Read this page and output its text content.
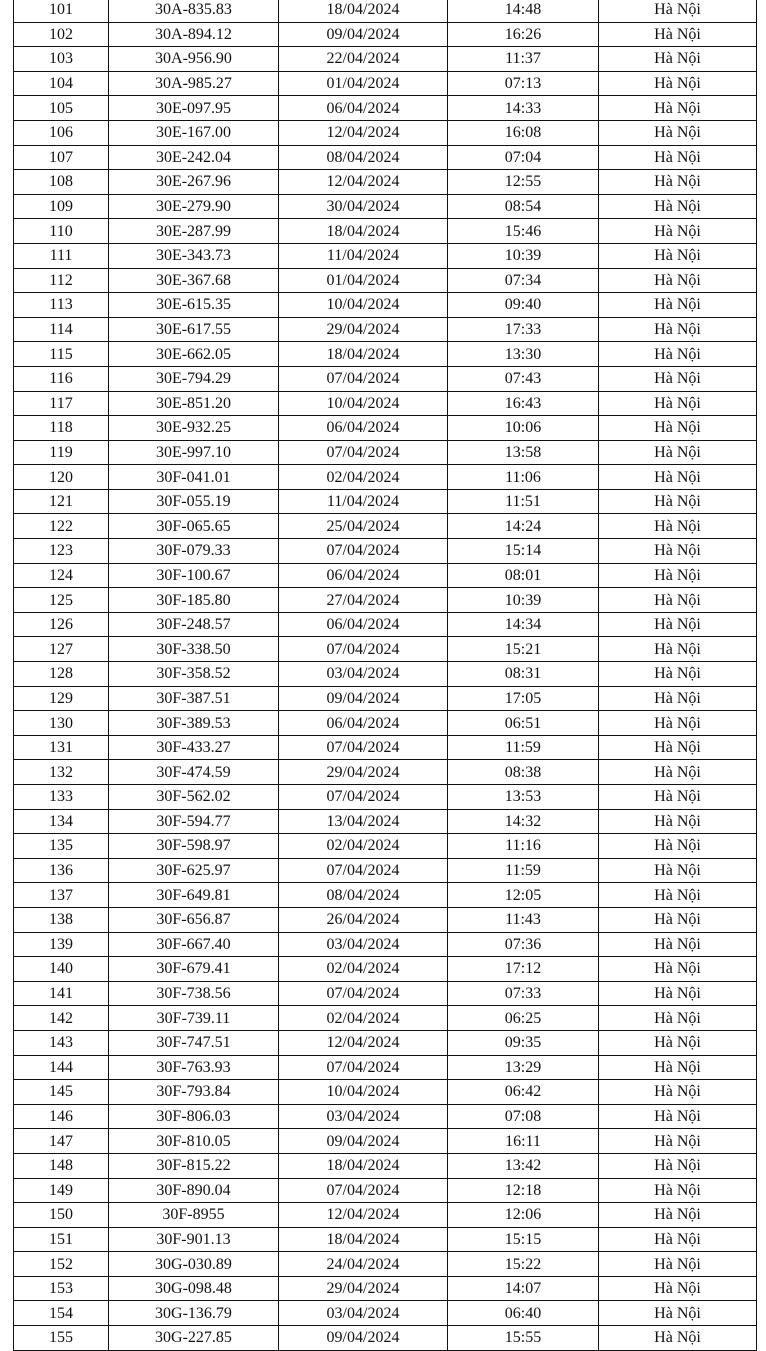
101	30A-835.83	18/04/2024	14:48	Hà Nội
102	30A-894.12	09/04/2024	16:26	Hà Nội
103	30A-956.90	22/04/2024	11:37	Hà Nội
104	30A-985.27	01/04/2024	07:13	Hà Nội
105	30E-097.95	06/04/2024	14:33	Hà Nội
106	30E-167.00	12/04/2024	16:08	Hà Nội
107	30E-242.04	08/04/2024	07:04	Hà Nội
108	30E-267.96	12/04/2024	12:55	Hà Nội
109	30E-279.90	30/04/2024	08:54	Hà Nội
110	30E-287.99	18/04/2024	15:46	Hà Nội
111	30E-343.73	11/04/2024	10:39	Hà Nội
112	30E-367.68	01/04/2024	07:34	Hà Nội
113	30E-615.35	10/04/2024	09:40	Hà Nội
114	30E-617.55	29/04/2024	17:33	Hà Nội
115	30E-662.05	18/04/2024	13:30	Hà Nội
116	30E-794.29	07/04/2024	07:43	Hà Nội
117	30E-851.20	10/04/2024	16:43	Hà Nội
118	30E-932.25	06/04/2024	10:06	Hà Nội
119	30E-997.10	07/04/2024	13:58	Hà Nội
120	30F-041.01	02/04/2024	11:06	Hà Nội
121	30F-055.19	11/04/2024	11:51	Hà Nội
122	30F-065.65	25/04/2024	14:24	Hà Nội
123	30F-079.33	07/04/2024	15:14	Hà Nội
124	30F-100.67	06/04/2024	08:01	Hà Nội
125	30F-185.80	27/04/2024	10:39	Hà Nội
126	30F-248.57	06/04/2024	14:34	Hà Nội
127	30F-338.50	07/04/2024	15:21	Hà Nội
128	30F-358.52	03/04/2024	08:31	Hà Nội
129	30F-387.51	09/04/2024	17:05	Hà Nội
130	30F-389.53	06/04/2024	06:51	Hà Nội
131	30F-433.27	07/04/2024	11:59	Hà Nội
132	30F-474.59	29/04/2024	08:38	Hà Nội
133	30F-562.02	07/04/2024	13:53	Hà Nội
134	30F-594.77	13/04/2024	14:32	Hà Nội
135	30F-598.97	02/04/2024	11:16	Hà Nội
136	30F-625.97	07/04/2024	11:59	Hà Nội
137	30F-649.81	08/04/2024	12:05	Hà Nội
138	30F-656.87	26/04/2024	11:43	Hà Nội
139	30F-667.40	03/04/2024	07:36	Hà Nội
140	30F-679.41	02/04/2024	17:12	Hà Nội
141	30F-738.56	07/04/2024	07:33	Hà Nội
142	30F-739.11	02/04/2024	06:25	Hà Nội
143	30F-747.51	12/04/2024	09:35	Hà Nội
144	30F-763.93	07/04/2024	13:29	Hà Nội
145	30F-793.84	10/04/2024	06:42	Hà Nội
146	30F-806.03	03/04/2024	07:08	Hà Nội
147	30F-810.05	09/04/2024	16:11	Hà Nội
148	30F-815.22	18/04/2024	13:42	Hà Nội
149	30F-890.04	07/04/2024	12:18	Hà Nội
150	30F-8955	12/04/2024	12:06	Hà Nội
151	30F-901.13	18/04/2024	15:15	Hà Nội
152	30G-030.89	24/04/2024	15:22	Hà Nội
153	30G-098.48	29/04/2024	14:07	Hà Nội
154	30G-136.79	03/04/2024	06:40	Hà Nội
155	30G-227.85	09/04/2024	15:55	Hà Nội
